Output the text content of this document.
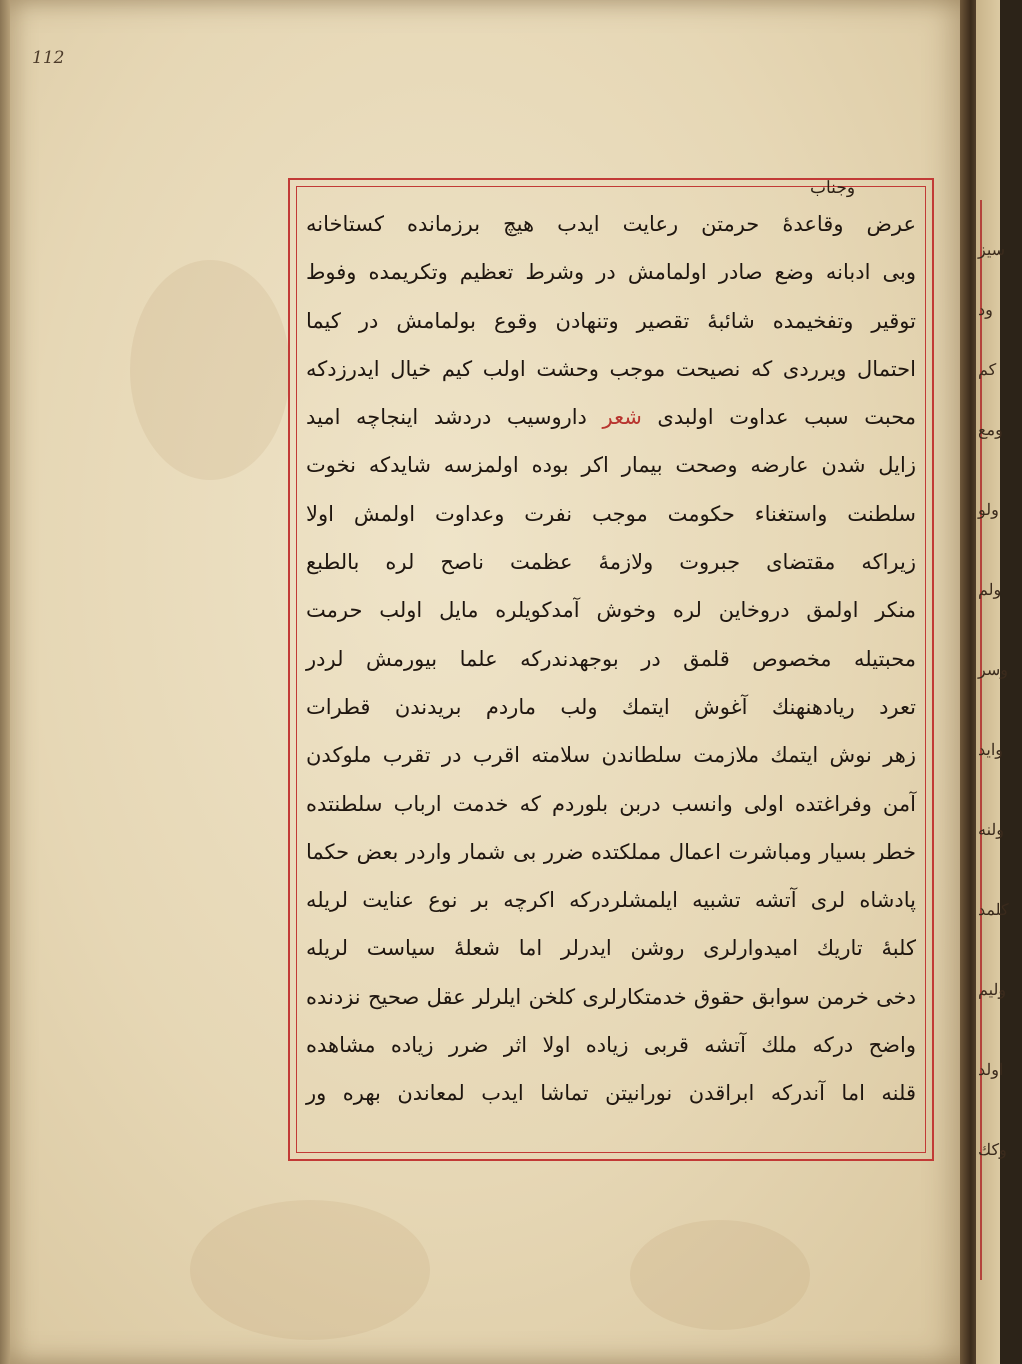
112
وجناب
عرض وقاعدهٔ حرمتن رعايت ايدب هيچ برزمانده كستاخانه
وبى ادبانه وضع صادر اولمامش در وشرط تعظيم وتكريمده وفوط
توقير وتفخيمده شائبهٔ تقصير وتنهادن وقوع بولمامش در كيما
احتمال ويرردى كه نصيحت موجب وحشت اولب كيم خيال ايدرزدكه
محبت سبب عداوت اولبدى شعر داروسيب دردشد اينجاچه اميد
زايل شدن عارضه وصحت بيمار اكر بوده اولمزسه شايدكه نخوت
سلطنت واستغناء حكومت موجب نفرت وعداوت اولمش اولا
زيراكه مقتضاى جبروت ولازمهٔ عظمت ناصح لره بالطبع
منكر اولمق دروخاين لره وخوش آمدكويلره مايل اولب حرمت
محبتيله مخصوص قلمق در بوجهدندركه علما بيورمش لردر
تعرد ريادهنهنك آغوش ايتمك ولب ماردم بريدندن قطرات
زهر نوش ايتمك ملازمت سلطاندن سلامته اقرب در تقرب ملوكدن
آمن وفراغتده اولى وانسب دربن بلوردم كه خدمت ارباب سلطنتده
خطر بسيار ومباشرت اعمال مملكتده ضرر بى شمار واردر بعض حكما
پادشاه لرى آتشه تشبيه ايلمشلردركه اكرچه بر نوع عنايت لريله
كلبهٔ تاريك اميدوارلرى روشن ايدرلر اما شعلهٔ سياست لريله
دخى خرمن سوابق حقوق خدمتكارلرى كلخن ايلرلر عقل صحيح نزدنده
واضح دركه ملك آتشه قربى زياده اولا اثر ضرر زياده مشاهده
قلنه اما آندركه ابراقدن نورانيتن تماشا ايدب لمعاندن بهره ور
سيز
ود
كم
ومع
ولو
ولم
وسر
وايد
ولنه
كلمد
وليم
اولد
وكك
